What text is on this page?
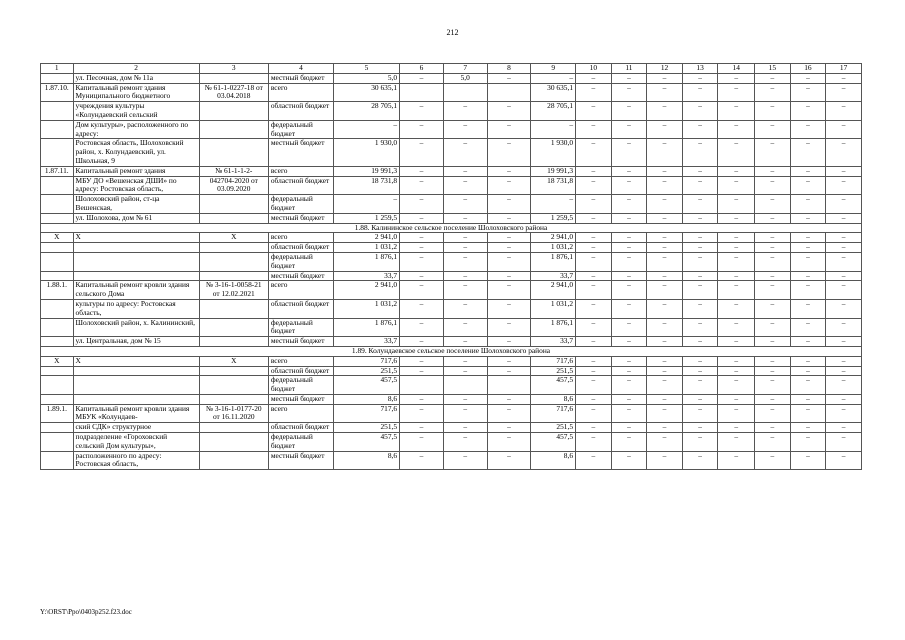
212
1	2	3	4	5	6	7	8	9	10	11	12	13	14	15	16	17
	ул. Песочная, дом № 11а		местный бюджет	5,0	–	5,0	–	–	–	–	–	–	–	–	–	–
1.87.10.	Капитальный ремонт здания Муниципального бюджетного	№ 61-1-0227-18 от 03.04.2018	всего	30 635,1				30 635,1	–	–	–	–	–	–	–	–
	учреждения культуры «Колундаевский сельский		областной бюджет	28 705,1	–	–	–	28 705,1	–	–	–	–	–	–	–	–
	Дом культуры», расположенного по адресу:		федеральный бюджет	–	–	–	–	–	–	–	–	–	–	–	–	–
	Ростовская область, Шолоховский район, х. Колундаевский, ул. Школьная, 9		местный бюджет	1 930,0	–	–	–	1 930,0	–	–	–	–	–	–	–	–
1.87.11.	Капитальный ремонт здания	№ 61-1-1-2-	всего	19 991,3	–	–	–	19 991,3	–	–	–	–	–	–	–	–
	МБУ ДО «Вешенская ДШИ» по адресу: Ростовская область,	042704-2020 от 03.09.2020	областной бюджет	18 731,8	–	–	–	18 731,8	–	–	–	–	–	–	–	–
	Шолоховский район, ст-ца Вешенская,		федеральный бюджет	–	–	–	–	–	–	–	–	–	–	–	–	–
	ул. Шолохова, дом № 61		местный бюджет	1 259,5	–	–	–	1 259,5	–	–	–	–	–	–	–	–
1.88. Калининское сельское поселение Шолоховского района																
X	X	X	всего	2 941,0	–	–	–	2 941,0	–	–	–	–	–	–	–	–
			областной бюджет	1 031,2	–	–	–	1 031,2	–	–	–	–	–	–	–	–
			федеральный бюджет	1 876,1	–	–	–	1 876,1	–	–	–	–	–	–	–	–
			местный бюджет	33,7	–	–	–	33,7	–	–	–	–	–	–	–	–
1.88.1.	Капитальный ремонт кровли здания сельского Дома	№ 3-16-1-0058-21 от 12.02.2021	всего	2 941,0	–	–	–	2 941,0	–	–	–	–	–	–	–	–
	культуры по адресу: Ростовская область,		областной бюджет	1 031,2	–	–	–	1 031,2	–	–	–	–	–	–	–	–
	Шолоховский район, х. Калининский,		федеральный бюджет	1 876,1	–	–	–	1 876,1	–	–	–	–	–	–	–	–
	ул. Центральная, дом № 15		местный бюджет	33,7	–	–	–	33,7	–	–	–	–	–	–	–	–
1.89. Колундаевское сельское поселение Шолоховского района																
X	X	X	всего	717,6	–	–	–	717,6	–	–	–	–	–	–	–	–
			областной бюджет	251,5	–	–	–	251,5	–	–	–	–	–	–	–	–
			федеральный бюджет	457,5				457,5	–	–	–	–	–	–	–	–
			местный бюджет	8,6	–	–	–	8,6	–	–	–	–	–	–	–	–
1.89.1.	Капитальный ремонт кровли здания МБУК «Колундаев-	№ 3-16-1-0177-20 от 16.11.2020	всего	717,6	–	–	–	717,6	–	–	–	–	–	–	–	–
	ский СДК» структурное		областной бюджет	251,5	–	–	–	251,5	–	–	–	–	–	–	–	–
	подразделение «Гороховский сельский Дом культуры»,		федеральный бюджет	457,5	–	–	–	457,5	–	–	–	–	–	–	–	–
	расположенного по адресу: Ростовская область,		местный бюджет	8,6	–	–	–	8,6	–	–	–	–	–	–	–	–
Y:\ORST\Ppo\0403p252.f23.doc
